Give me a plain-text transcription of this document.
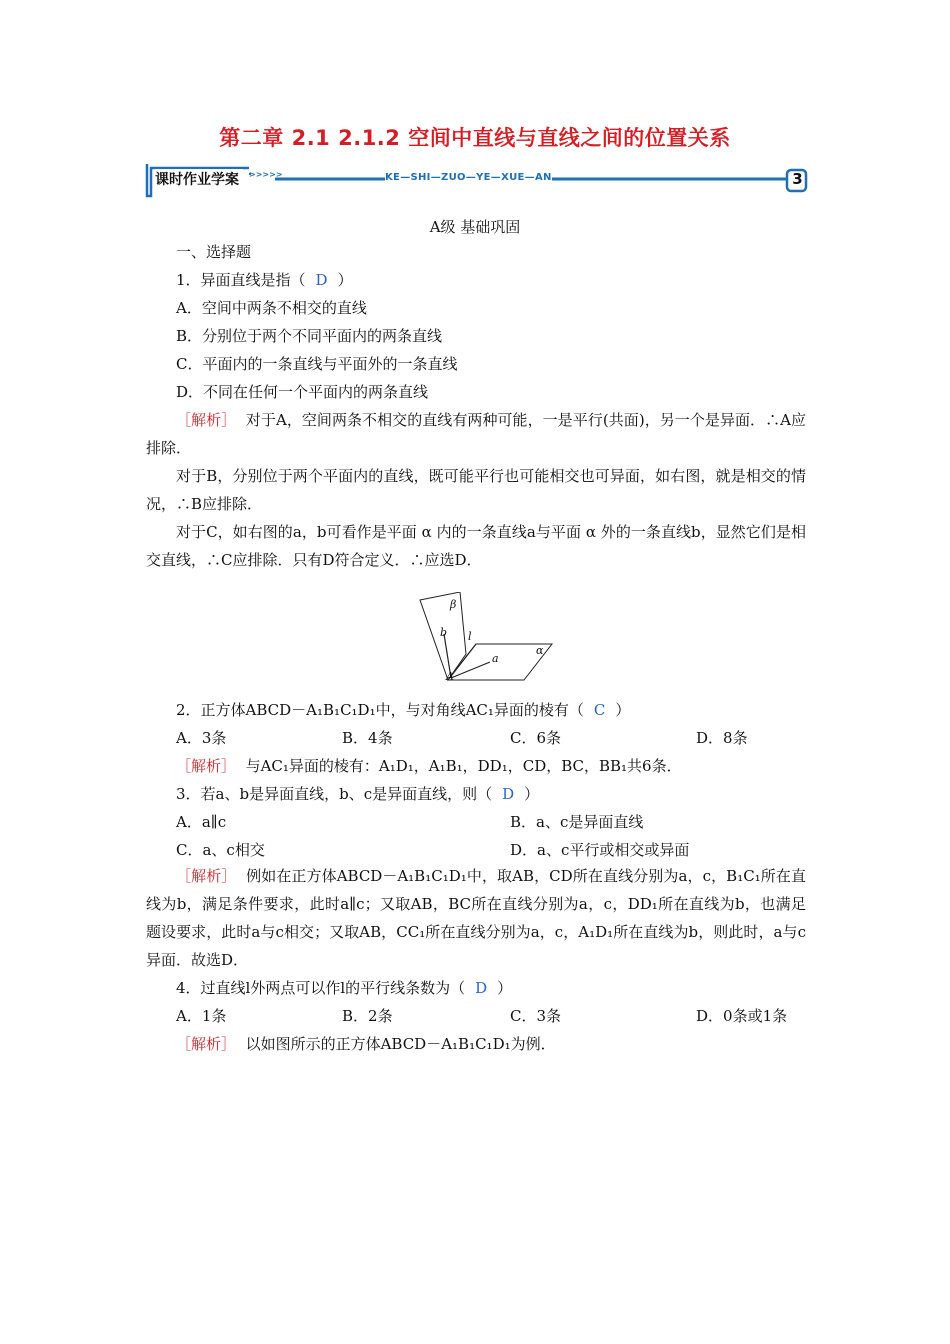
第二章 2.1 2.1.2 空间中直线与直线之间的位置关系
课时作业学案	>>>>>	KE—SHI—ZUO—YE—XUE—AN	3
A级 基础巩固
一、选择题
1．异面直线是指（ D ）
A．空间中两条不相交的直线
B．分别位于两个不同平面内的两条直线
C．平面内的一条直线与平面外的一条直线
D．不同在任何一个平面内的两条直线
［解析］ 对于A，空间两条不相交的直线有两种可能，一是平行(共面)，另一个是异面．∴A应排除．
对于B，分别位于两个平面内的直线，既可能平行也可能相交也可异面，如右图，就是相交的情况，∴B应排除．
对于C，如右图的a，b可看作是平面 α 内的一条直线a与平面 α 外的一条直线b，显然它们是相交直线，∴C应排除．只有D符合定义．∴应选D．
β
b l
a
α
A
2．正方体ABCD－A₁B₁C₁D₁中，与对角线AC₁异面的棱有（ C ）
A．3条	B．4条	C．6条	D．8条
［解析］ 与AC₁异面的棱有：A₁D₁，A₁B₁，DD₁，CD，BC，BB₁共6条．
3．若a、b是异面直线，b、c是异面直线，则（ D ）
A．a∥c	B．a、c是异面直线
C．a、c相交	D．a、c平行或相交或异面
［解析］ 例如在正方体ABCD－A₁B₁C₁D₁中，取AB，CD所在直线分别为a，c，B₁C₁所在直线为b，满足条件要求，此时a∥c；又取AB，BC所在直线分别为a，c，DD₁所在直线为b，也满足题设要求，此时a与c相交；又取AB，CC₁所在直线分别为a，c，A₁D₁所在直线为b，则此时，a与c异面．故选D．
4．过直线l外两点可以作l的平行线条数为（ D ）
A．1条	B．2条	C．3条	D．0条或1条
［解析］ 以如图所示的正方体ABCD－A₁B₁C₁D₁为例．
